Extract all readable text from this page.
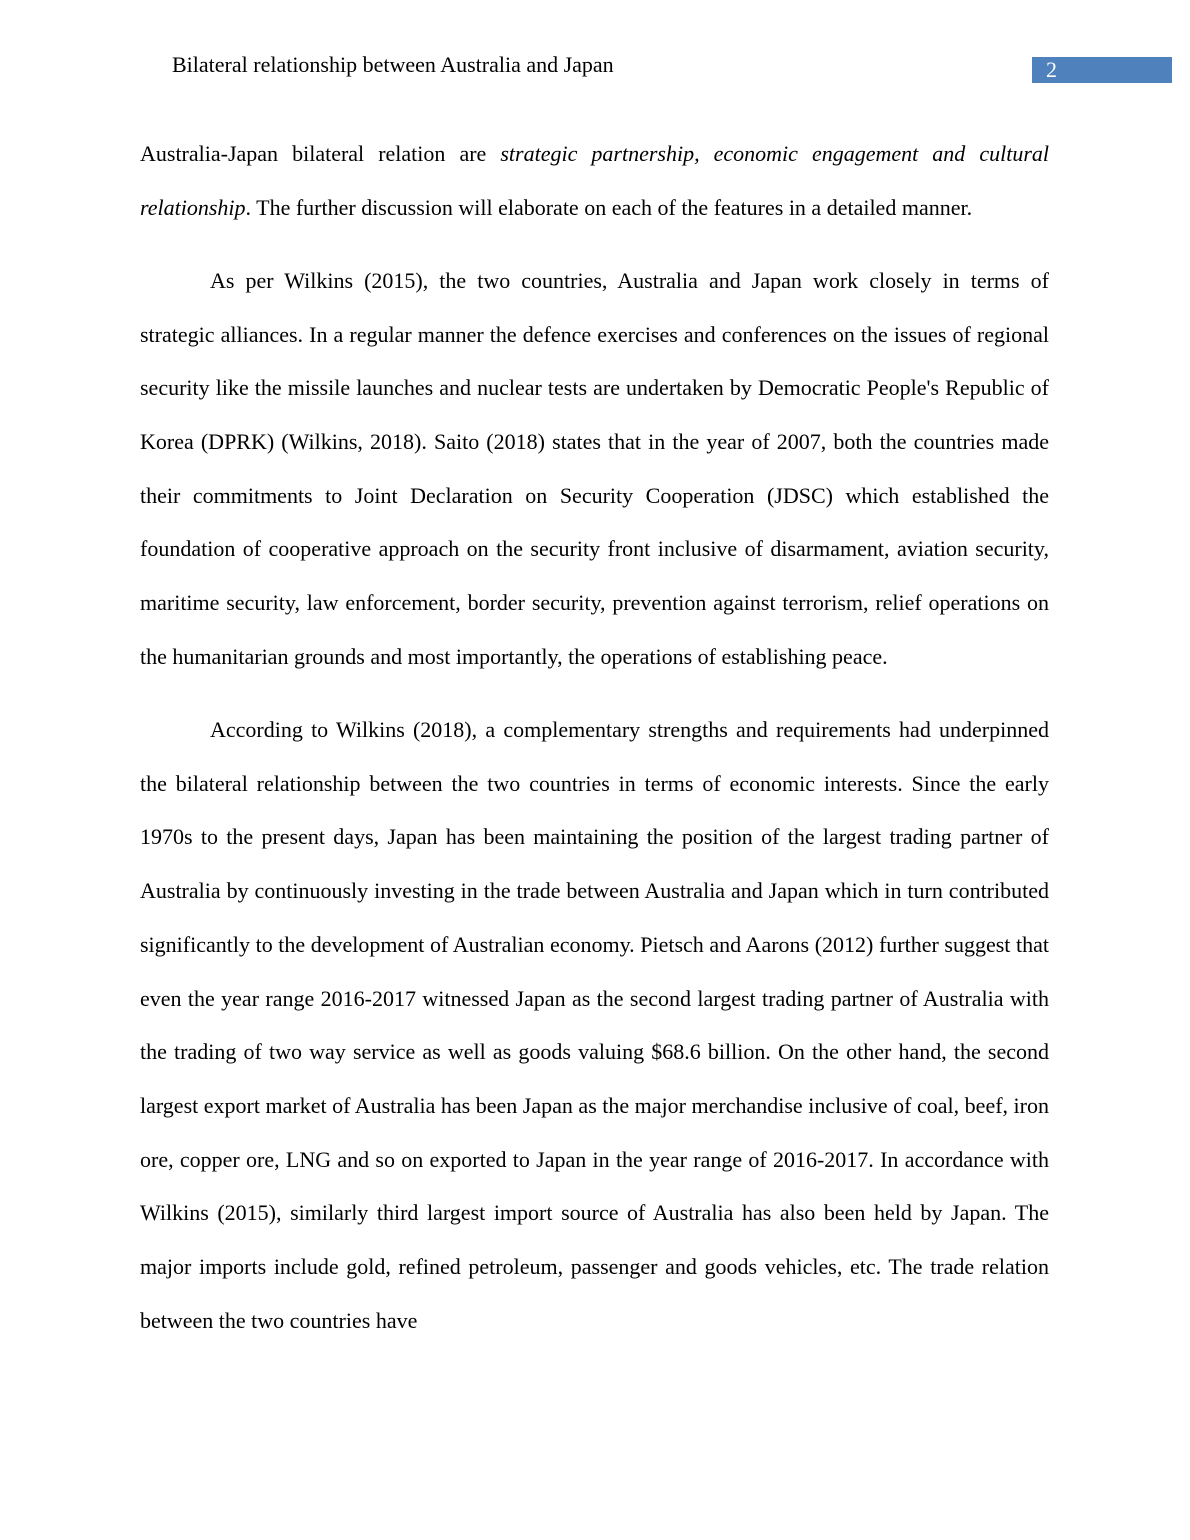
Bilateral relationship between Australia and Japan	2

Australia-Japan bilateral relation are strategic partnership, economic engagement and cultural relationship. The further discussion will elaborate on each of the features in a detailed manner.

As per Wilkins (2015), the two countries, Australia and Japan work closely in terms of strategic alliances. In a regular manner the defence exercises and conferences on the issues of regional security like the missile launches and nuclear tests are undertaken by Democratic People's Republic of Korea (DPRK) (Wilkins, 2018). Saito (2018) states that in the year of 2007, both the countries made their commitments to Joint Declaration on Security Cooperation (JDSC) which established the foundation of cooperative approach on the security front inclusive of disarmament, aviation security, maritime security, law enforcement, border security, prevention against terrorism, relief operations on the humanitarian grounds and most importantly, the operations of establishing peace.

According to Wilkins (2018), a complementary strengths and requirements had underpinned the bilateral relationship between the two countries in terms of economic interests. Since the early 1970s to the present days, Japan has been maintaining the position of the largest trading partner of Australia by continuously investing in the trade between Australia and Japan which in turn contributed significantly to the development of Australian economy. Pietsch and Aarons (2012) further suggest that even the year range 2016-2017 witnessed Japan as the second largest trading partner of Australia with the trading of two way service as well as goods valuing $68.6 billion. On the other hand, the second largest export market of Australia has been Japan as the major merchandise inclusive of coal, beef, iron ore, copper ore, LNG and so on exported to Japan in the year range of 2016-2017. In accordance with Wilkins (2015), similarly third largest import source of Australia has also been held by Japan. The major imports include gold, refined petroleum, passenger and goods vehicles, etc. The trade relation between the two countries have
